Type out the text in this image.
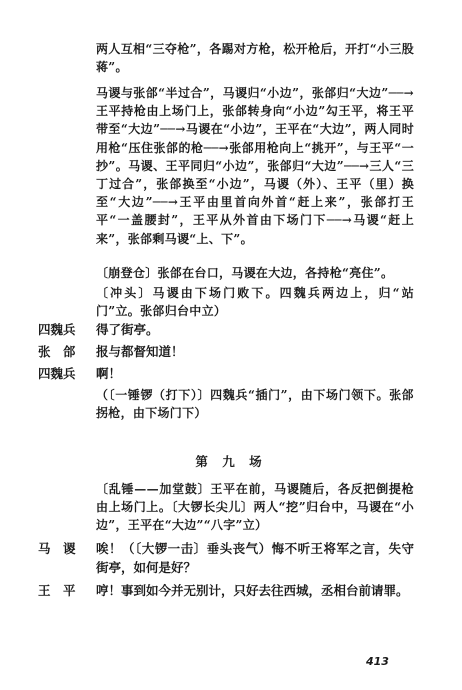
两人互相“三夺枪”，各踢对方枪，松开枪后，开打“小三股蒋”。
马谡与张郃“半过合”，马谡归“小边”，张郃归“大边”──→王平持枪由上场门上，张郃转身向“小边”勾王平，将王平带至“大边”──→马谡在“小边”，王平在“大边”，两人同时用枪“压住张郃的枪──→张郃用枪向上“挑开”，与王平“一抄”。马谡、王平同归“小边”，张郃归“大边”──→三人“三丁过合”，张郃换至“小边”，马谡（外）、王平（里）换至“大边”──→王平由里首向外首“赶上来”，张郃打王平“一盖腰封”，王平从外首由下场门下──→马谡“赶上来”，张郃剩马谡“上、下”。
〔崩登仓〕张郃在台口，马谡在大边，各持枪“亮住”。
〔冲头〕马谡由下场门败下。四魏兵两边上，归“站门”立。张郃归台中立）
四魏兵	得了街亭。
张　郃	报与都督知道！
四魏兵	啊！
（〔一锤锣（打下）〕四魏兵“插门”，由下场门领下。张郃拐枪，由下场门下）
第 九 场
〔乱锤——加堂鼓〕王平在前，马谡随后，各反把倒提枪由上场门上。〔大锣长尖儿〕两人“挖”归台中，马谡在“小边”，王平在“大边”“八字”立）
马　谡	唉！（〔大锣一击〕垂头丧气）悔不听王将军之言，失守街亭，如何是好？
王　平	哼！事到如今并无别计，只好去往西城，丞相台前请罪。
413
